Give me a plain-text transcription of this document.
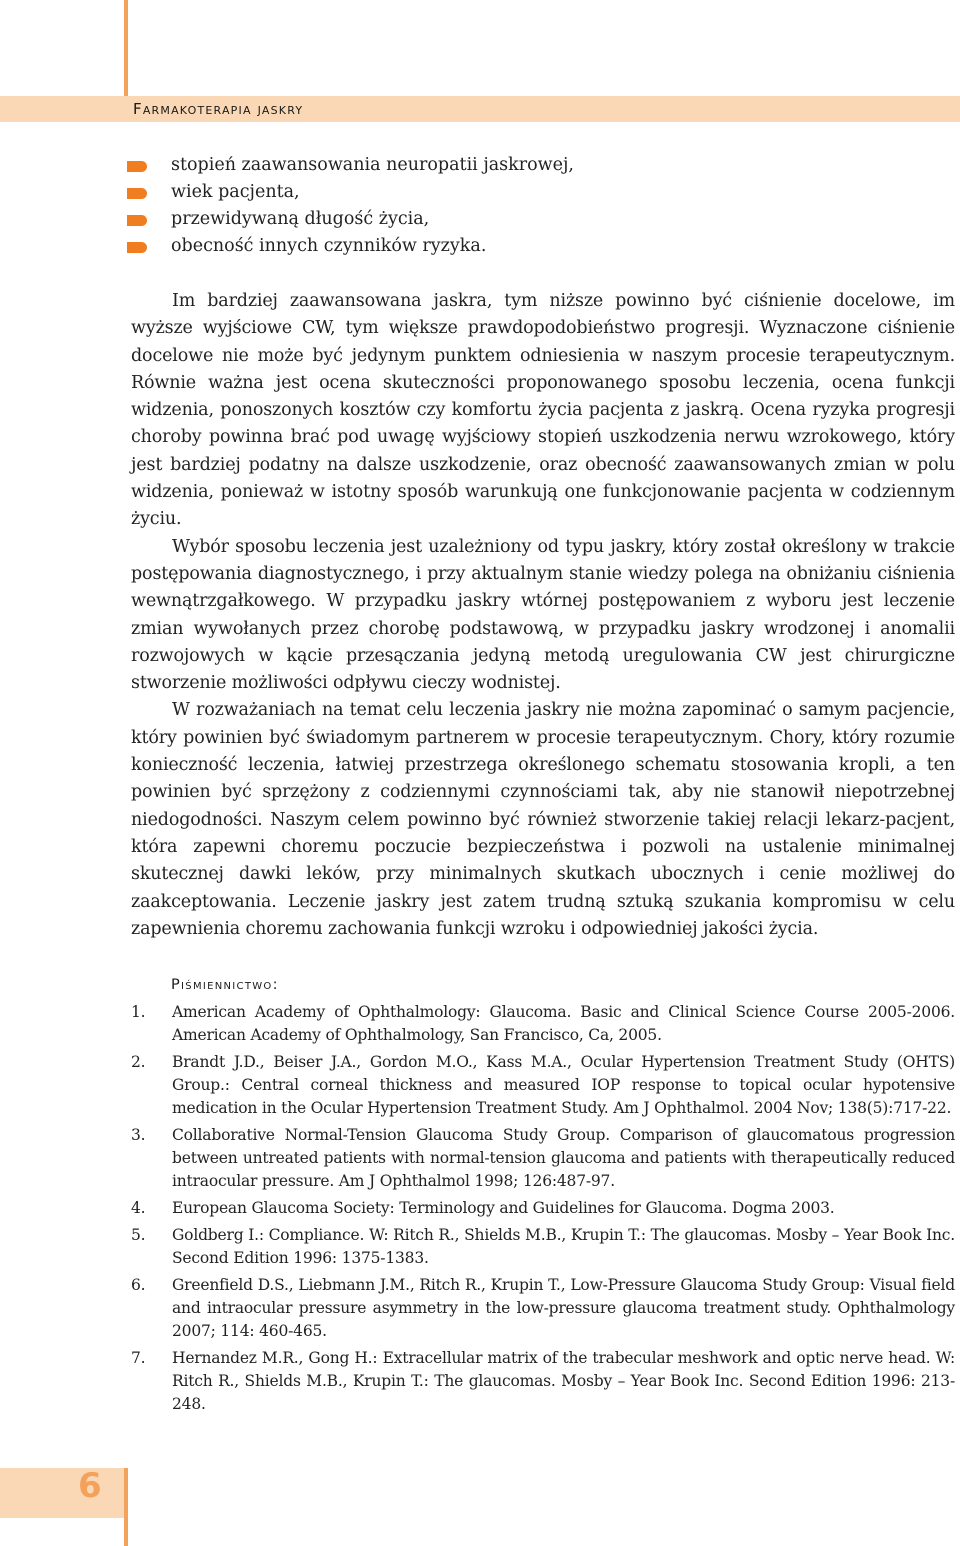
Farmakoterapia jaskry
stopień zaawansowania neuropatii jaskrowej,
wiek pacjenta,
przewidywaną długość życia,
obecność innych czynników ryzyka.

Im bardziej zaawansowana jaskra, tym niższe powinno być ciśnienie docelowe, im wyższe wyjściowe CW, tym większe prawdopodobieństwo progresji. Wyznaczone ciśnienie docelowe nie może być jedynym punktem odniesienia w naszym procesie terapeutycznym. Równie ważna jest ocena skuteczności proponowanego sposobu leczenia, ocena funkcji widzenia, ponoszonych kosztów czy komfortu życia pacjenta z jaskrą. Ocena ryzyka progresji choroby powinna brać pod uwagę wyjściowy stopień uszkodzenia nerwu wzrokowego, który jest bardziej podatny na dalsze uszkodzenie, oraz obecność zaawansowanych zmian w polu widzenia, ponieważ w istotny sposób warunkują one funkcjonowanie pacjenta w codziennym życiu.

Wybór sposobu leczenia jest uzależniony od typu jaskry, który został określony w trakcie postępowania diagnostycznego, i przy aktualnym stanie wiedzy polega na obniżaniu ciśnienia wewnątrzgałkowego. W przypadku jaskry wtórnej postępowaniem z wyboru jest leczenie zmian wywołanych przez chorobę podstawową, w przypadku jaskry wrodzonej i anomalii rozwojowych w kącie przesączania jedyną metodą uregulowania CW jest chirurgiczne stworzenie możliwości odpływu cieczy wodnistej.

W rozważaniach na temat celu leczenia jaskry nie można zapominać o samym pacjencie, który powinien być świadomym partnerem w procesie terapeutycznym. Chory, który rozumie konieczność leczenia, łatwiej przestrzega określonego schematu stosowania kropli, a ten powinien być sprzężony z codziennymi czynnościami tak, aby nie stanowił niepotrzebnej niedogodności. Naszym celem powinno być również stworzenie takiej relacji lekarz-pacjent, która zapewni choremu poczucie bezpieczeństwa i pozwoli na ustalenie minimalnej skutecznej dawki leków, przy minimalnych skutkach ubocznych i cenie możliwej do zaakceptowania. Leczenie jaskry jest zatem trudną sztuką szukania kompromisu w celu zapewnienia choremu zachowania funkcji wzroku i odpowiedniej jakości życia.

Piśmiennictwo:
1. American Academy of Ophthalmology: Glaucoma. Basic and Clinical Science Course 2005-2006. American Academy of Ophthalmology, San Francisco, Ca, 2005.
2. Brandt J.D., Beiser J.A., Gordon M.O., Kass M.A., Ocular Hypertension Treatment Study (OHTS) Group.: Central corneal thickness and measured IOP response to topical ocular hypotensive medication in the Ocular Hypertension Treatment Study. Am J Ophthalmol. 2004 Nov; 138(5):717-22.
3. Collaborative Normal-Tension Glaucoma Study Group. Comparison of glaucomatous progression between untreated patients with normal-tension glaucoma and patients with therapeutically reduced intraocular pressure. Am J Ophthalmol 1998; 126:487-97.
4. European Glaucoma Society: Terminology and Guidelines for Glaucoma. Dogma 2003.
5. Goldberg I.: Compliance. W: Ritch R., Shields M.B., Krupin T.: The glaucomas. Mosby – Year Book Inc. Second Edition 1996: 1375-1383.
6. Greenfield D.S., Liebmann J.M., Ritch R., Krupin T., Low-Pressure Glaucoma Study Group: Visual field and intraocular pressure asymmetry in the low-pressure glaucoma treatment study. Ophthalmology 2007; 114: 460-465.
7. Hernandez M.R., Gong H.: Extracellular matrix of the trabecular meshwork and optic nerve head. W: Ritch R., Shields M.B., Krupin T.: The glaucomas. Mosby – Year Book Inc. Second Edition 1996: 213-248.
6
